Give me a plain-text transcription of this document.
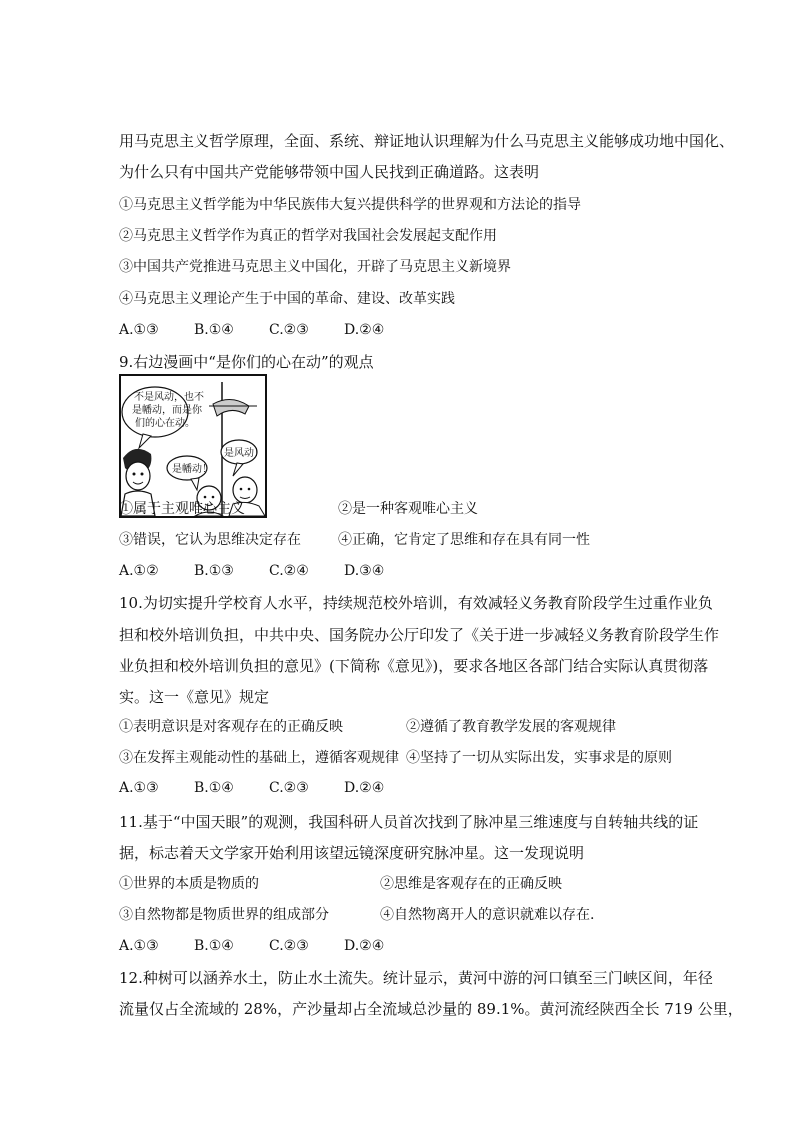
用马克思主义哲学原理，全面、系统、辩证地认识理解为什么马克思主义能够成功地中国化、
为什么只有中国共产党能够带领中国人民找到正确道路。这表明
①马克思主义哲学能为中华民族伟大复兴提供科学的世界观和方法论的指导
②马克思主义哲学作为真正的哲学对我国社会发展起支配作用
③中国共产党推进马克思主义中国化，开辟了马克思主义新境界
④马克思主义理论产生于中国的革命、建设、改革实践
A.①③	B.①④	C.②③	D.②④
9.右边漫画中“是你们的心在动”的观点
不是风动，也不
是幡动，而是你
们的心在动。
是幡动！
是风动！
①属于主观唯心主义	②是一种客观唯心主义
③错误，它认为思维决定存在	④正确，它肯定了思维和存在具有同一性
A.①②	B.①③	C.②④	D.③④
10.为切实提升学校育人水平，持续规范校外培训，有效减轻义务教育阶段学生过重作业负
担和校外培训负担，中共中央、国务院办公厅印发了《关于进一步减轻义务教育阶段学生作
业负担和校外培训负担的意见》(下简称《意见》)，要求各地区各部门结合实际认真贯彻落
实。这一《意见》规定
①表明意识是对客观存在的正确反映	②遵循了教育教学发展的客观规律
③在发挥主观能动性的基础上，遵循客观规律 ④坚持了一切从实际出发，实事求是的原则
A.①③	B.①④	C.②③	D.②④
11.基于“中国天眼”的观测，我国科研人员首次找到了脉冲星三维速度与自转轴共线的证
据，标志着天文学家开始利用该望远镜深度研究脉冲星。这一发现说明
①世界的本质是物质的	②思维是客观存在的正确反映
③自然物都是物质世界的组成部分	④自然物离开人的意识就难以存在.
A.①③	B.①④	C.②③	D.②④
12.种树可以涵养水土，防止水土流失。统计显示，黄河中游的河口镇至三门峡区间，年径
流量仅占全流域的 28%，产沙量却占全流域总沙量的 89.1%。黄河流经陕西全长 719 公里，
